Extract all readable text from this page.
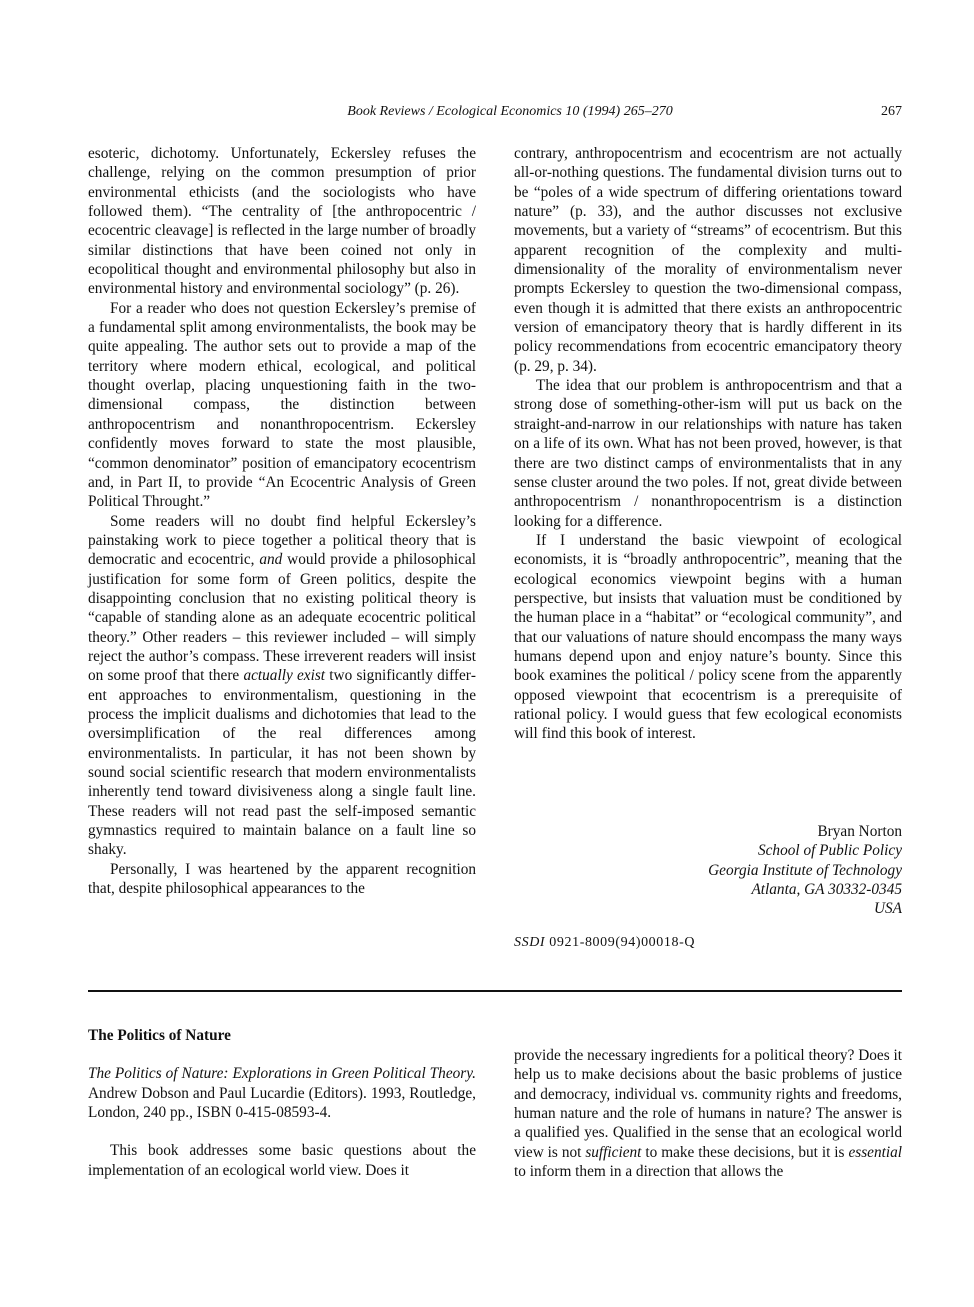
Book Reviews / Ecological Economics 10 (1994) 265–270	267

esoteric, dichotomy. Unfortunately, Eckersley refuses the challenge, relying on the common presumption of prior environmental ethicists (and the sociologists who have followed them). “The centrality of [the anthropocentric / ecocentric cleavage] is reflected in the large number of broadly similar distinctions that have been coined not only in ecopolitical thought and environmental philosophy but also in environmental history and environmental sociology” (p. 26).

For a reader who does not question Eckersley’s premise of a fundamental split among environmentalists, the book may be quite appealing. The author sets out to provide a map of the territory where modern ethical, ecological, and political thought overlap, placing unquestioning faith in the two-dimensional compass, the distinction between anthropocentrism and nonanthropocentrism. Eckersley confidently moves forward to state the most plausible, “common denominator” position of emancipatory ecocentrism and, in Part II, to provide “An Ecocentric Analysis of Green Political Throught.”

Some readers will no doubt find helpful Eckersley’s painstaking work to piece together a political theory that is democratic and ecocentric, and would provide a philosophical justification for some form of Green politics, despite the disappointing conclusion that no existing political theory is “capable of standing alone as an adequate ecocentric political theory.” Other readers – this reviewer included – will simply reject the author’s compass. These irreverent readers will insist on some proof that there actually exist two significantly different approaches to environmentalism, questioning in the process the implicit dualisms and dichotomies that lead to the oversimplification of the real differences among environmentalists. In particular, it has not been shown by sound social scientific research that modern environmentalists inherently tend toward divisiveness along a single fault line. These readers will not read past the self-imposed semantic gymnastics required to maintain balance on a fault line so shaky.

Personally, I was heartened by the apparent recognition that, despite philosophical appearances to the

contrary, anthropocentrism and ecocentrism are not actually all-or-nothing questions. The fundamental division turns out to be “poles of a wide spectrum of differing orientations toward nature” (p. 33), and the author discusses not exclusive movements, but a variety of “streams” of ecocentrism. But this apparent recognition of the complexity and multi-dimensionality of the morality of environmentalism never prompts Eckersley to question the two-dimensional compass, even though it is admitted that there exists an anthropocentric version of emancipatory theory that is hardly different in its policy recommendations from ecocentric emancipatory theory (p. 29, p. 34).

The idea that our problem is anthropocentrism and that a strong dose of something-other-ism will put us back on the straight-and-narrow in our relationships with nature has taken on a life of its own. What has not been proved, however, is that there are two distinct camps of environmentalists that in any sense cluster around the two poles. If not, great divide between anthropocentrism / nonanthropocentrism is a distinction looking for a difference.

If I understand the basic viewpoint of ecological economists, it is “broadly anthropocentric”, meaning that the ecological economics viewpoint begins with a human perspective, but insists that valuation must be conditioned by the human place in a “habitat” or “ecological community”, and that our valuations of nature should encompass the many ways humans depend upon and enjoy nature’s bounty. Since this book examines the political / policy scene from the apparently opposed viewpoint that ecocentrism is a prerequisite of rational policy. I would guess that few ecological economists will find this book of interest.

Bryan Norton
School of Public Policy
Georgia Institute of Technology
Atlanta, GA 30332-0345
USA
SSDI 0921-8009(94)00018-Q
The Politics of Nature

The Politics of Nature: Explorations in Green Political Theory. Andrew Dobson and Paul Lucardie (Editors). 1993, Routledge, London, 240 pp., ISBN 0-415-08593-4.

This book addresses some basic questions about the implementation of an ecological world view. Does it

provide the necessary ingredients for a political theory? Does it help us to make decisions about the basic problems of justice and democracy, individual vs. community rights and freedoms, human nature and the role of humans in nature? The answer is a qualified yes. Qualified in the sense that an ecological world view is not sufficient to make these decisions, but it is essential to inform them in a direction that allows the
